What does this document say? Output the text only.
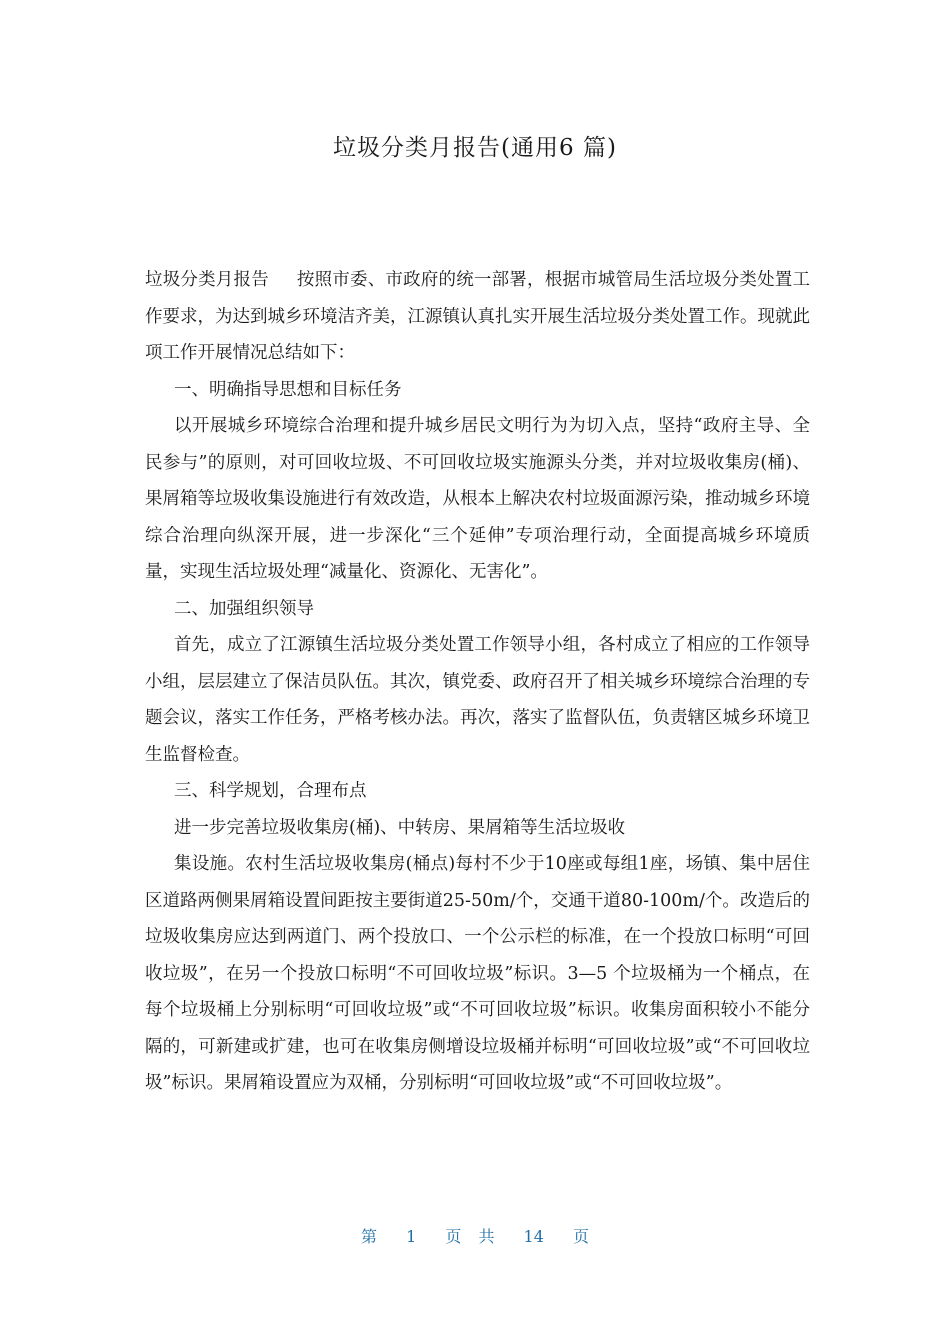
垃圾分类月报告(通用6 篇)

垃圾分类月报告 按照市委、市政府的统一部署，根据市城管局生活垃圾分类处置工作要求，为达到城乡环境洁齐美，江源镇认真扎实开展生活垃圾分类处置工作。现就此项工作开展情况总结如下：

一、明确指导思想和目标任务

以开展城乡环境综合治理和提升城乡居民文明行为为切入点，坚持“政府主导、全民参与”的原则，对可回收垃圾、不可回收垃圾实施源头分类，并对垃圾收集房(桶)、果屑箱等垃圾收集设施进行有效改造，从根本上解决农村垃圾面源污染，推动城乡环境综合治理向纵深开展，进一步深化“三个延伸”专项治理行动，全面提高城乡环境质量，实现生活垃圾处理“减量化、资源化、无害化”。

二、加强组织领导

首先，成立了江源镇生活垃圾分类处置工作领导小组，各村成立了相应的工作领导小组，层层建立了保洁员队伍。其次，镇党委、政府召开了相关城乡环境综合治理的专题会议，落实工作任务，严格考核办法。再次，落实了监督队伍，负责辖区城乡环境卫生监督检查。

三、科学规划，合理布点

进一步完善垃圾收集房(桶)、中转房、果屑箱等生活垃圾收

集设施。农村生活垃圾收集房(桶点)每村不少于10座或每组1座，场镇、集中居住区道路两侧果屑箱设置间距按主要街道25-50m/个，交通干道80-100m/个。改造后的垃圾收集房应达到两道门、两个投放口、一个公示栏的标准，在一个投放口标明“可回收垃圾”，在另一个投放口标明“不可回收垃圾”标识。3—5 个垃圾桶为一个桶点，在每个垃圾桶上分别标明“可回收垃圾”或“不可回收垃圾”标识。收集房面积较小不能分隔的，可新建或扩建，也可在收集房侧增设垃圾桶并标明“可回收垃圾”或“不可回收垃圾”标识。果屑箱设置应为双桶，分别标明“可回收垃圾”或“不可回收垃圾”。

第 1 页 共 14 页
